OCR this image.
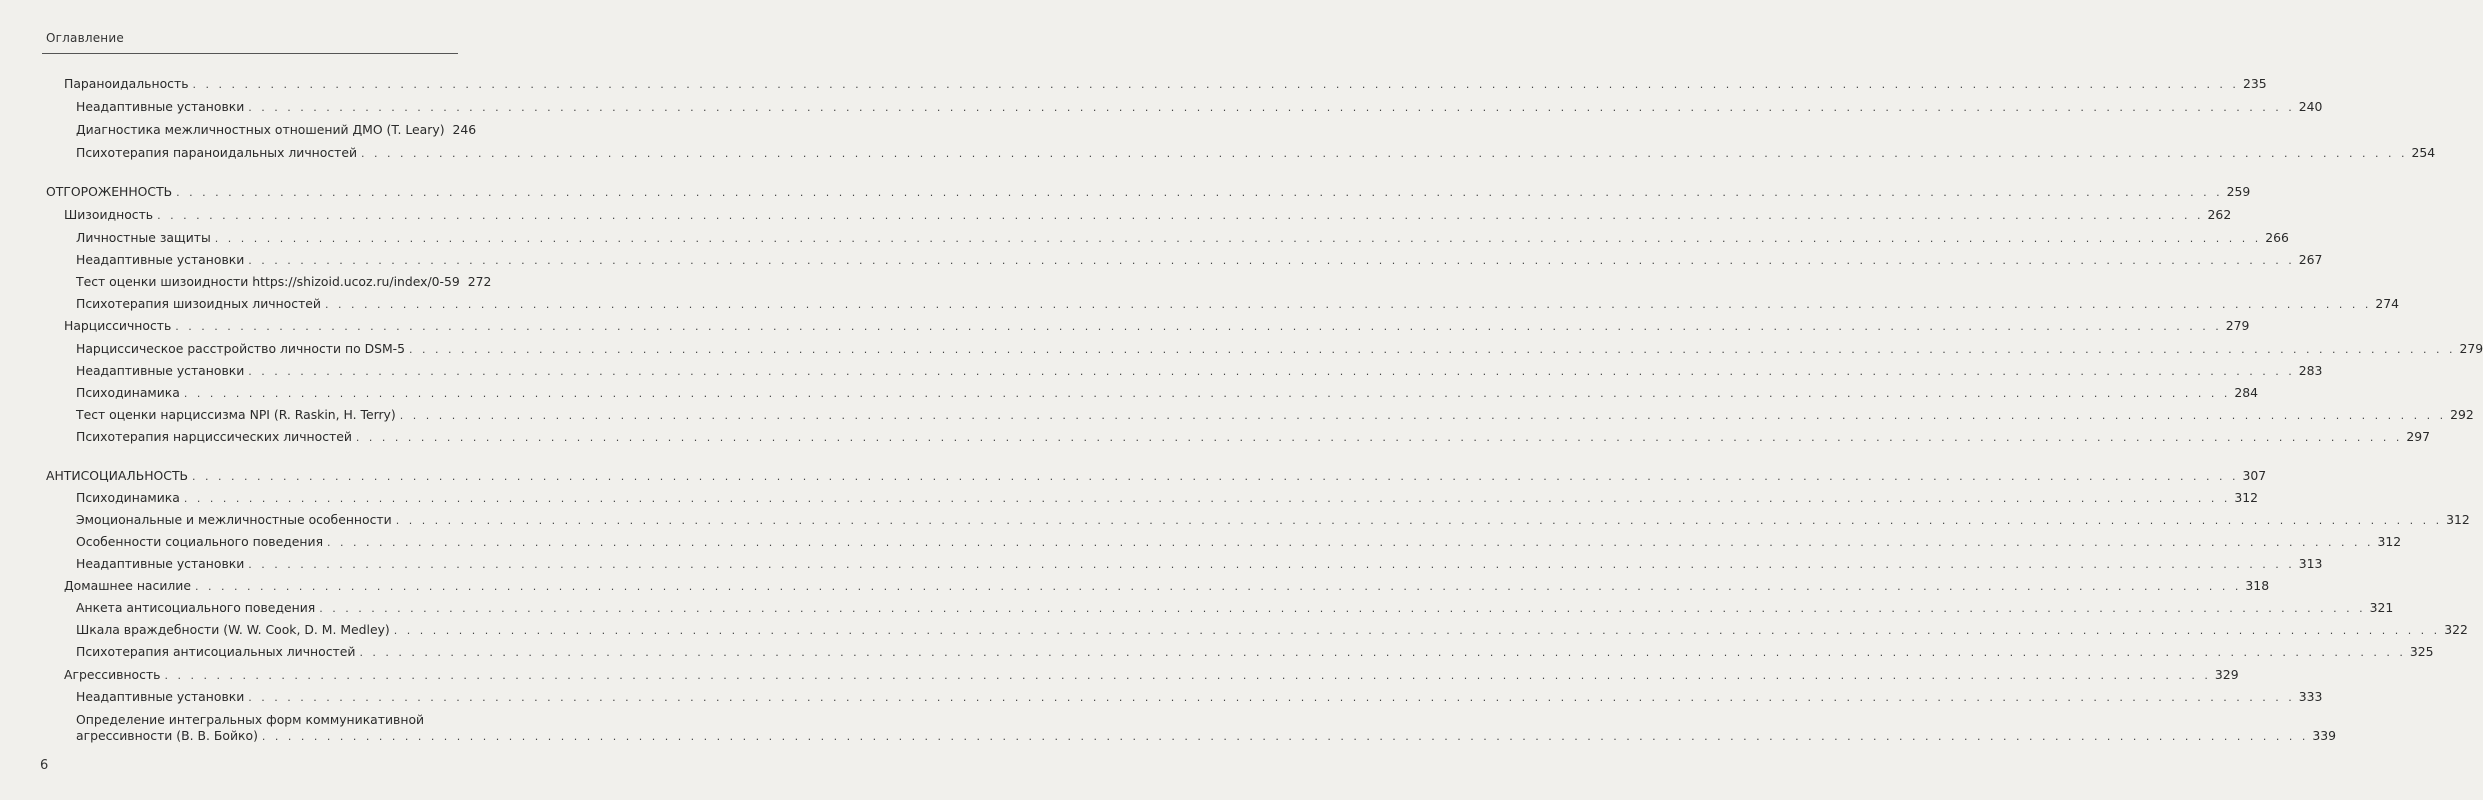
Оглавление
Параноидальность . . .	235
Неадаптивные установки . . .	240
Диагностика межличностных отношений ДМО (T. Leary) 246
Психотерапия параноидальных личностей . . .	254
ОТГОРОЖЕННОСТЬ . . .	259
Шизоидность . . .	262
Личностные защиты . . .	266
Неадаптивные установки . . .	267
Тест оценки шизоидности https://shizoid.ucoz.ru/index/0-59 272
Психотерапия шизоидных личностей . . .	274
Нарциссичность . . .	279
Нарциссическое расстройство личности по DSM-5 . . .	279
Неадаптивные установки . . .	283
Психодинамика . . .	284
Тест оценки нарциссизма NPI (R. Raskin, H. Terry) . . .	292
Психотерапия нарциссических личностей . . .	297
АНТИСОЦИАЛЬНОСТЬ . . .	307
Психодинамика . . .	312
Эмоциональные и межличностные особенности . . .	312
Особенности социального поведения . . .	312
Неадаптивные установки . . .	313
Домашнее насилие . . .	318
Анкета антисоциального поведения . . .	321
Шкала враждебности (W. W. Cook, D. M. Medley) . . .	322
Психотерапия антисоциальных личностей . . .	325
Агрессивность . . .	329
Неадаптивные установки . . .	333
Определение интегральных форм коммуникативной
агрессивности (В. В. Бойко) . . .	339
6
